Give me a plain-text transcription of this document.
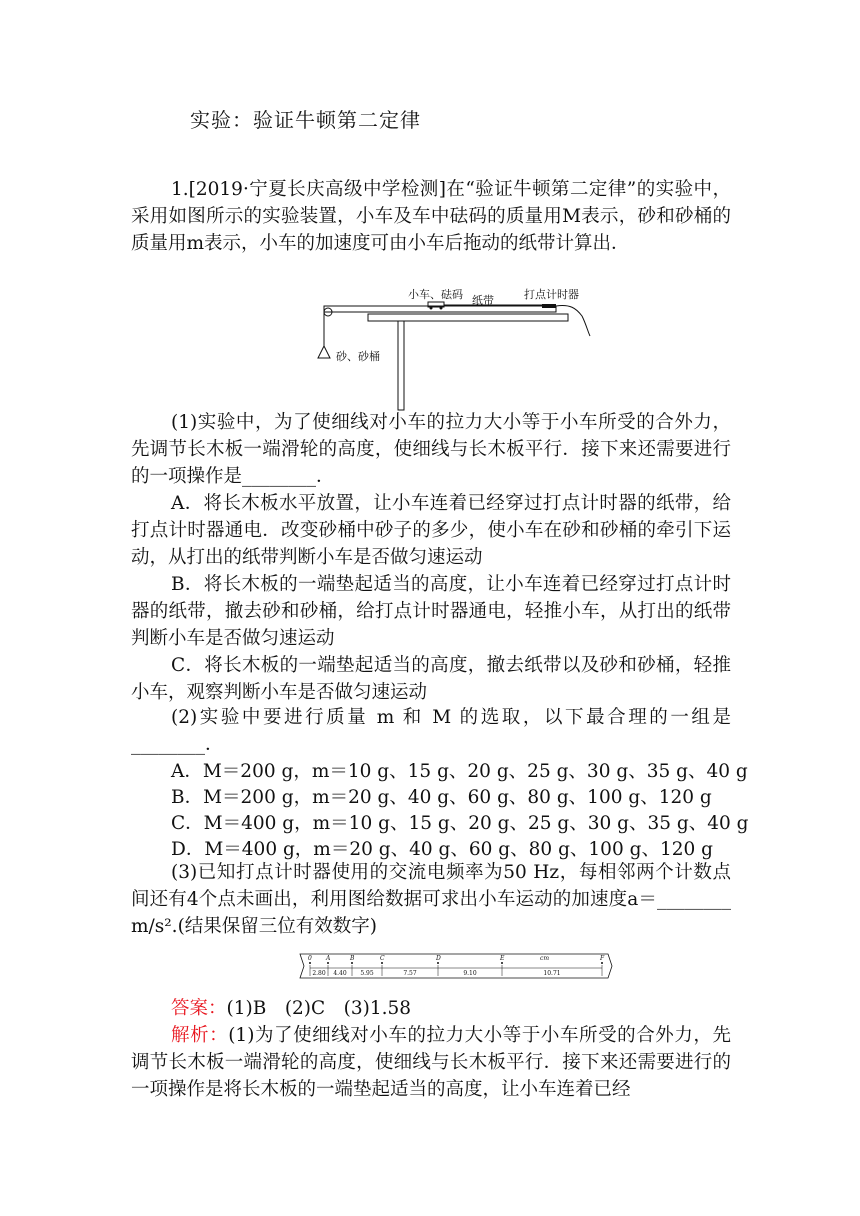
实验：验证牛顿第二定律
1.[2019·宁夏长庆高级中学检测]在“验证牛顿第二定律”的实验中，采用如图所示的实验装置，小车及车中砝码的质量用M表示，砂和砂桶的质量用m表示，小车的加速度可由小车后拖动的纸带计算出．
小车、砝码 纸带	打点计时器
砂、砂桶
(1)实验中，为了使细线对小车的拉力大小等于小车所受的合外力，先调节长木板一端滑轮的高度，使细线与长木板平行．接下来还需要进行的一项操作是________．
A．将长木板水平放置，让小车连着已经穿过打点计时器的纸带，给打点计时器通电．改变砂桶中砂子的多少，使小车在砂和砂桶的牵引下运动，从打出的纸带判断小车是否做匀速运动
B．将长木板的一端垫起适当的高度，让小车连着已经穿过打点计时器的纸带，撤去砂和砂桶，给打点计时器通电，轻推小车，从打出的纸带判断小车是否做匀速运动
C．将长木板的一端垫起适当的高度，撤去纸带以及砂和砂桶，轻推小车，观察判断小车是否做匀速运动
(2)实验中要进行质量 m 和 M 的选取，以下最合理的一组是________．
A．M＝200 g，m＝10 g、15 g、20 g、25 g、30 g、35 g、40 g
B．M＝200 g，m＝20 g、40 g、60 g、80 g、100 g、120 g
C．M＝400 g，m＝10 g、15 g、20 g、25 g、30 g、35 g、40 g
D．M＝400 g，m＝20 g、40 g、60 g、80 g、100 g、120 g
(3)已知打点计时器使用的交流电频率为50 Hz，每相邻两个计数点间还有4个点未画出，利用图给数据可求出小车运动的加速度a＝________ m/s².(结果保留三位有效数字)
0 A	B	C	D	E	F
2.80 4.40 5.95	7.57	9.10	10.71
cm
答案：(1)B　(2)C　(3)1.58
解析：(1)为了使细线对小车的拉力大小等于小车所受的合外力，先调节长木板一端滑轮的高度，使细线与长木板平行．接下来还需要进行的一项操作是将长木板的一端垫起适当的高度，让小车连着已经
